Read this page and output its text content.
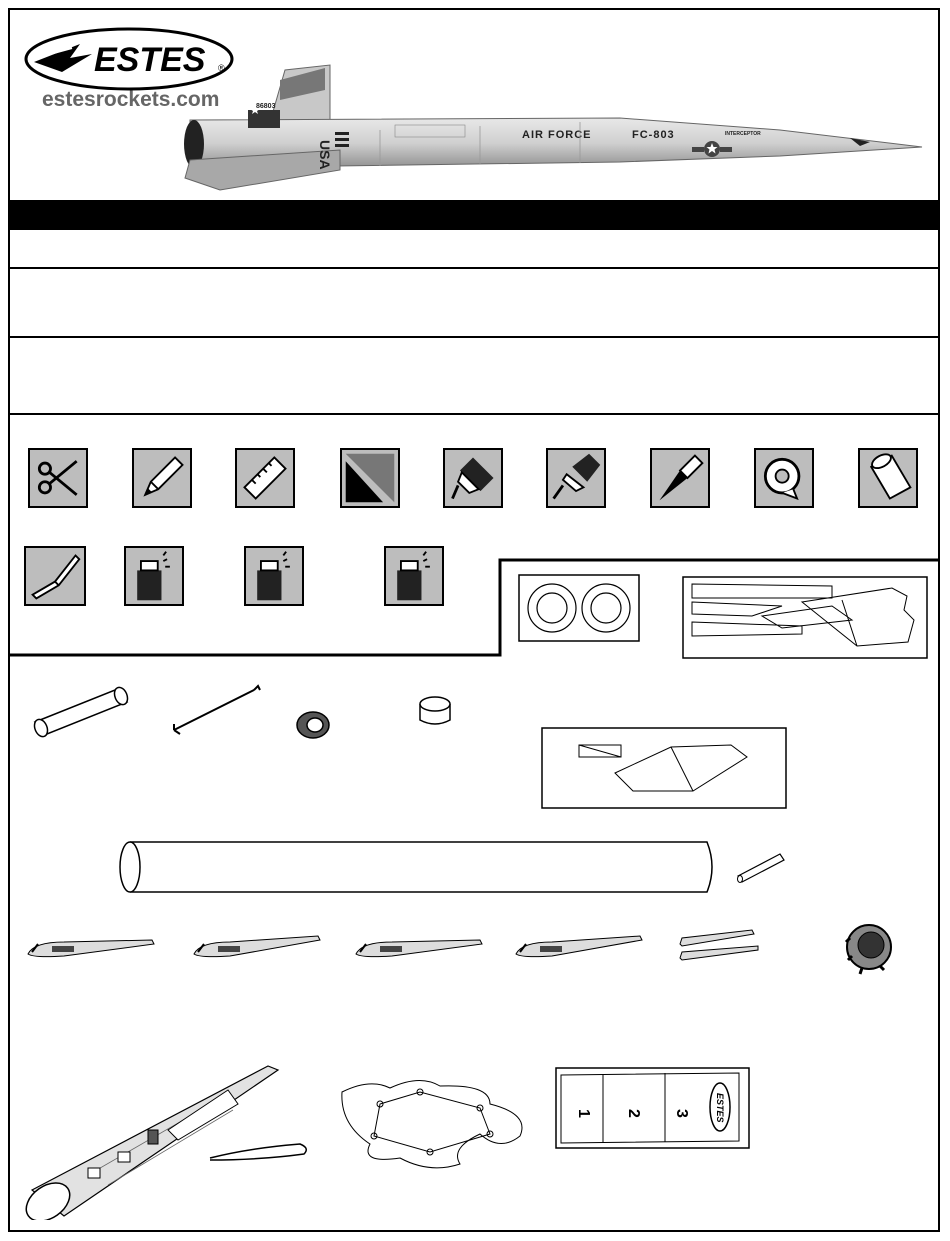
ESTES ®
estesrockets.com	86803
USA
AIR FORCE	FC-803	INTERCEPTOR
1 2 3	ESTES
